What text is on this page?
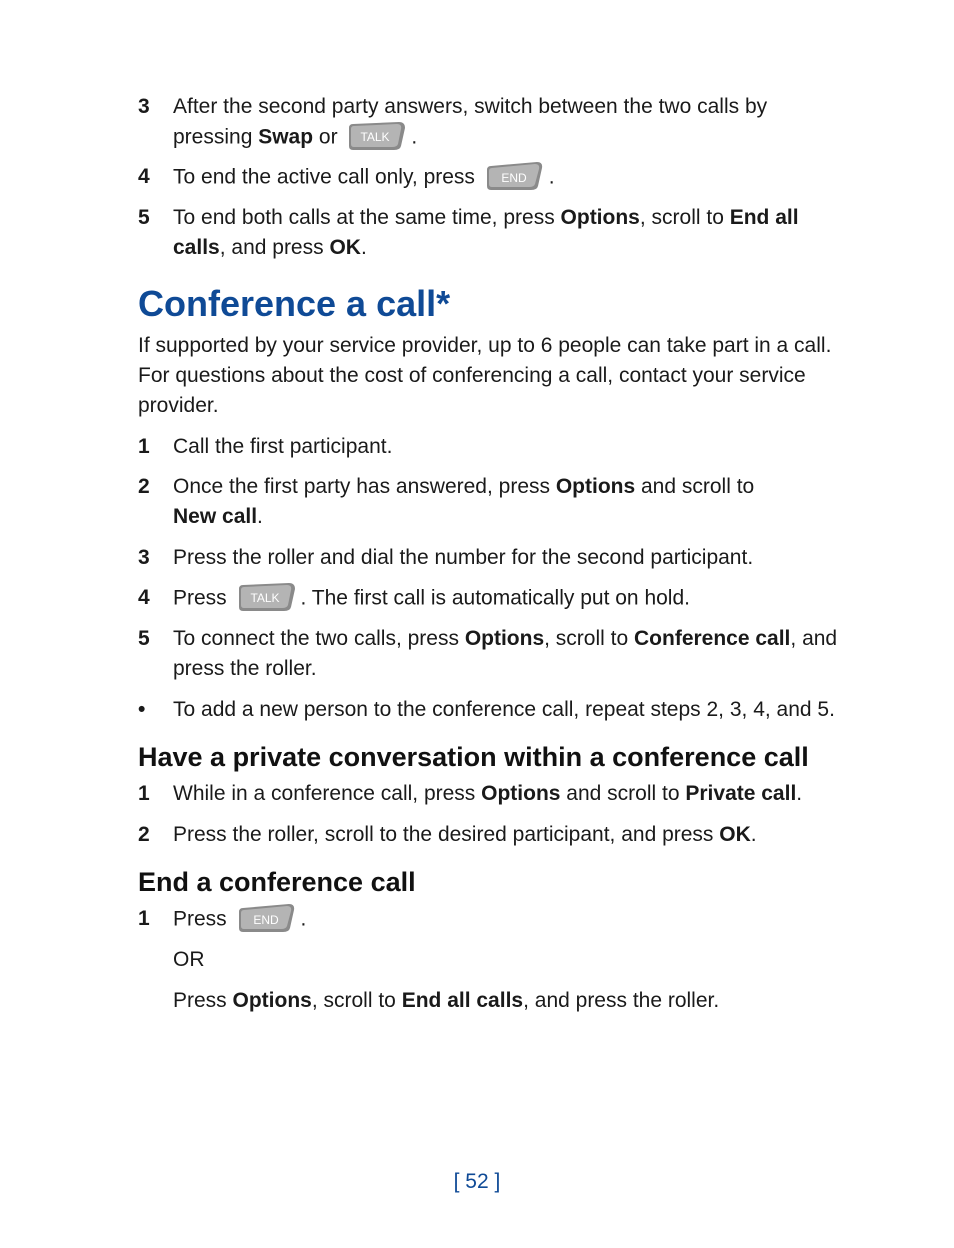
3	After the second party answers, switch between the two calls by pressing Swap or TALK .
4	To end the active call only, press END .
5	To end both calls at the same time, press Options, scroll to End all calls, and press OK.
Conference a call*

If supported by your service provider, up to 6 people can take part in a call. For questions about the cost of conferencing a call, contact your service provider.

1	Call the first participant.
2	Once the first party has answered, press Options and scroll to New call.
3	Press the roller and dial the number for the second participant.
4	Press TALK . The first call is automatically put on hold.
5	To connect the two calls, press Options, scroll to Conference call, and press the roller.
•	To add a new person to the conference call, repeat steps 2, 3, 4, and 5.
Have a private conversation within a conference call
1	While in a conference call, press Options and scroll to Private call.
2	Press the roller, scroll to the desired participant, and press OK.
End a conference call
1	Press END .
OR
Press Options, scroll to End all calls, and press the roller.
[ 52 ]
